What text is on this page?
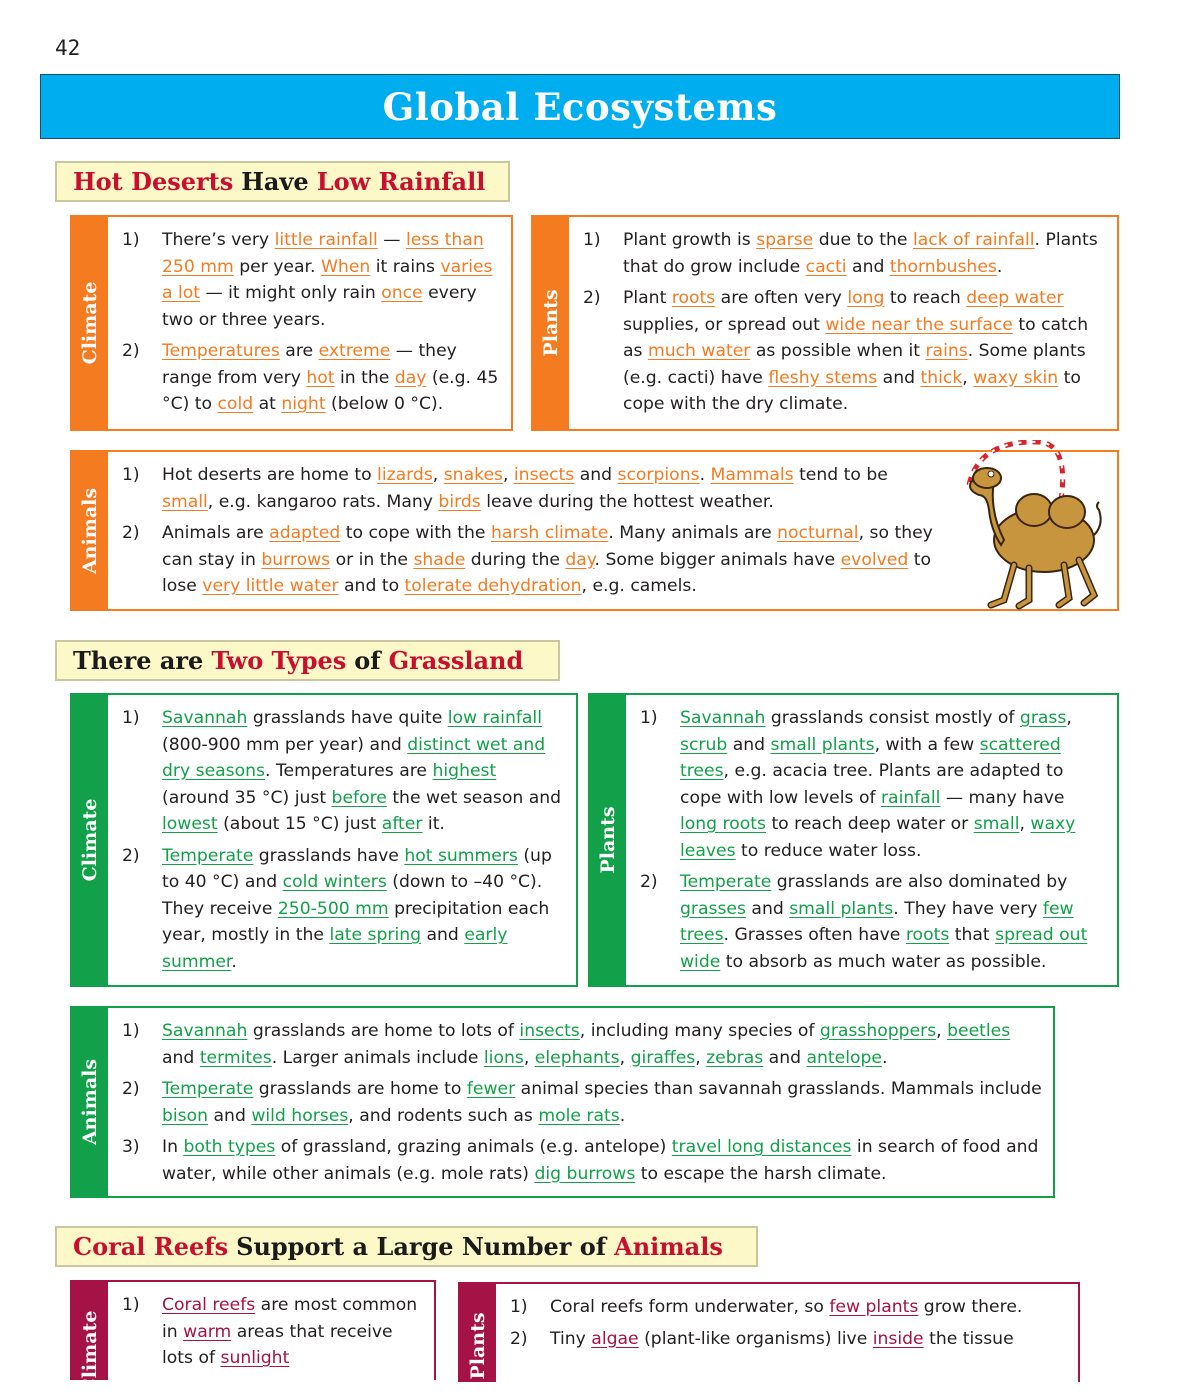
42
Global Ecosystems
Hot Deserts Have Low Rainfall
Climate
1)	There’s very little rainfall — less than 250 mm per year. When it rains varies a lot — it might only rain once every two or three years.
2)	Temperatures are extreme — they range from very hot in the day (e.g. 45 °C) to cold at night (below 0 °C).
Plants
1)	Plant growth is sparse due to the lack of rainfall. Plants that do grow include cacti and thornbushes.
2)	Plant roots are often very long to reach deep water supplies, or spread out wide near the surface to catch as much water as possible when it rains. Some plants (e.g. cacti) have fleshy stems and thick, waxy skin to cope with the dry climate.
Animals
1)	Hot deserts are home to lizards, snakes, insects and scorpions. Mammals tend to be small, e.g. kangaroo rats. Many birds leave during the hottest weather.
2)	Animals are adapted to cope with the harsh climate. Many animals are nocturnal, so they can stay in burrows or in the shade during the day. Some bigger animals have evolved to lose very little water and to tolerate dehydration, e.g. camels.
There are Two Types of Grassland
Climate
1)	Savannah grasslands have quite low rainfall (800-900 mm per year) and distinct wet and dry seasons. Temperatures are highest (around 35 °C) just before the wet season and lowest (about 15 °C) just after it.
2)	Temperate grasslands have hot summers (up to 40 °C) and cold winters (down to –40 °C). They receive 250-500 mm precipitation each year, mostly in the late spring and early summer.
Plants
1)	Savannah grasslands consist mostly of grass, scrub and small plants, with a few scattered trees, e.g. acacia tree. Plants are adapted to cope with low levels of rainfall — many have long roots to reach deep water or small, waxy leaves to reduce water loss.
2)	Temperate grasslands are also dominated by grasses and small plants. They have very few trees. Grasses often have roots that spread out wide to absorb as much water as possible.
Animals
1)	Savannah grasslands are home to lots of insects, including many species of grasshoppers, beetles and termites. Larger animals include lions, elephants, giraffes, zebras and antelope.
2)	Temperate grasslands are home to fewer animal species than savannah grasslands. Mammals include bison and wild horses, and rodents such as mole rats.
3)	In both types of grassland, grazing animals (e.g. antelope) travel long distances in search of food and water, while other animals (e.g. mole rats) dig burrows to escape the harsh climate.
Coral Reefs Support a Large Number of Animals
Climate
1)	Coral reefs are most common in warm areas that receive lots of sunlight	Plants
1)	Coral reefs form underwater, so few plants grow there.
2)	Tiny algae (plant-like organisms) live inside the tissue
